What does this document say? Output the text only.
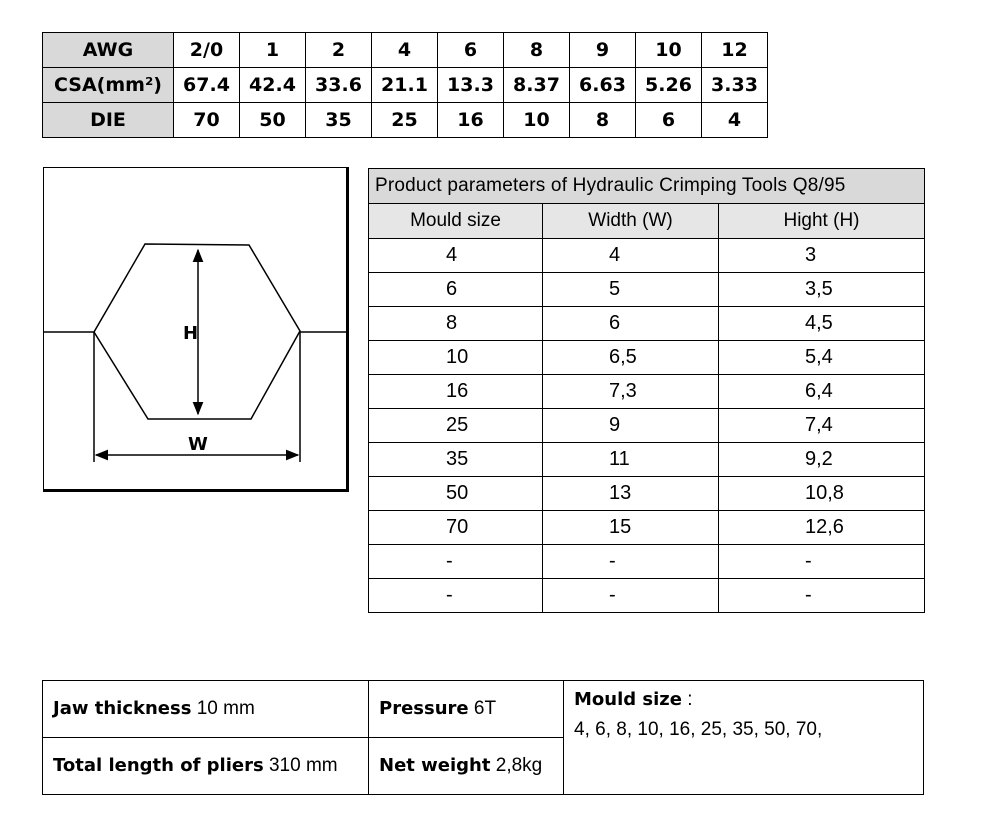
AWG	2/0	1	2	4	6	8	9	10	12
CSA(mm²)	67.4	42.4	33.6	21.1	13.3	8.37	6.63	5.26	3.33
DIE	70	50	35	25	16	10	8	6	4
H
W
Product parameters of Hydraulic Crimping Tools Q8/95		
Mould size	Width (W)	Hight (H)
4	4	3
6	5	3,5
8	6	4,5
10	6,5	5,4
16	7,3	6,4
25	9	7,4
35	11	9,2
50	13	10,8
70	15	12,6
-	-	-
-	-	-
Jaw thickness 10 mm	Pressure 6T	Mould size :
4, 6, 8, 10, 16, 25, 35, 50, 70,

Total length of pliers 310 mm	Net weight 2,8kg	
